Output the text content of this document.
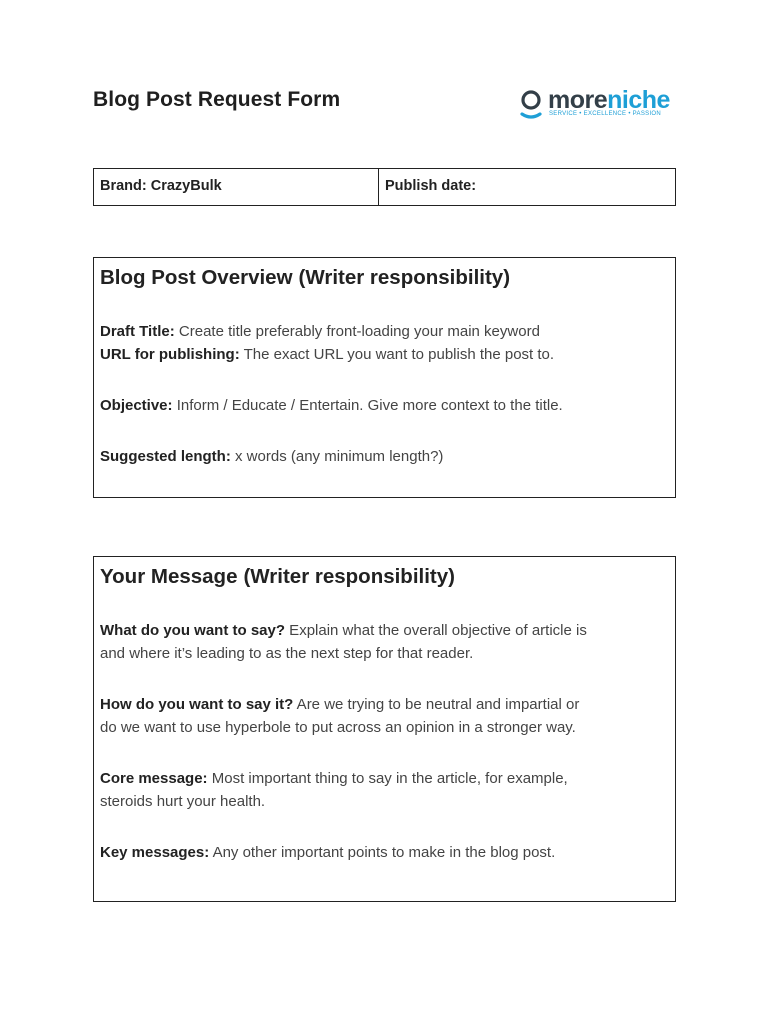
Blog Post Request Form	moreniche
SERVICE • EXCELLENCE • PASSION
Brand: CrazyBulk	Publish date:
Blog Post Overview (Writer responsibility)
Draft Title: Create title preferably front-loading your main keyword
URL for publishing: The exact URL you want to publish the post to.
Objective: Inform / Educate / Entertain. Give more context to the title.
Suggested length: x words (any minimum length?)
Your Message (Writer responsibility)
What do you want to say? Explain what the overall objective of article is
and where it’s leading to as the next step for that reader.
How do you want to say it? Are we trying to be neutral and impartial or
do we want to use hyperbole to put across an opinion in a stronger way.
Core message: Most important thing to say in the article, for example,
steroids hurt your health.
Key messages: Any other important points to make in the blog post.
